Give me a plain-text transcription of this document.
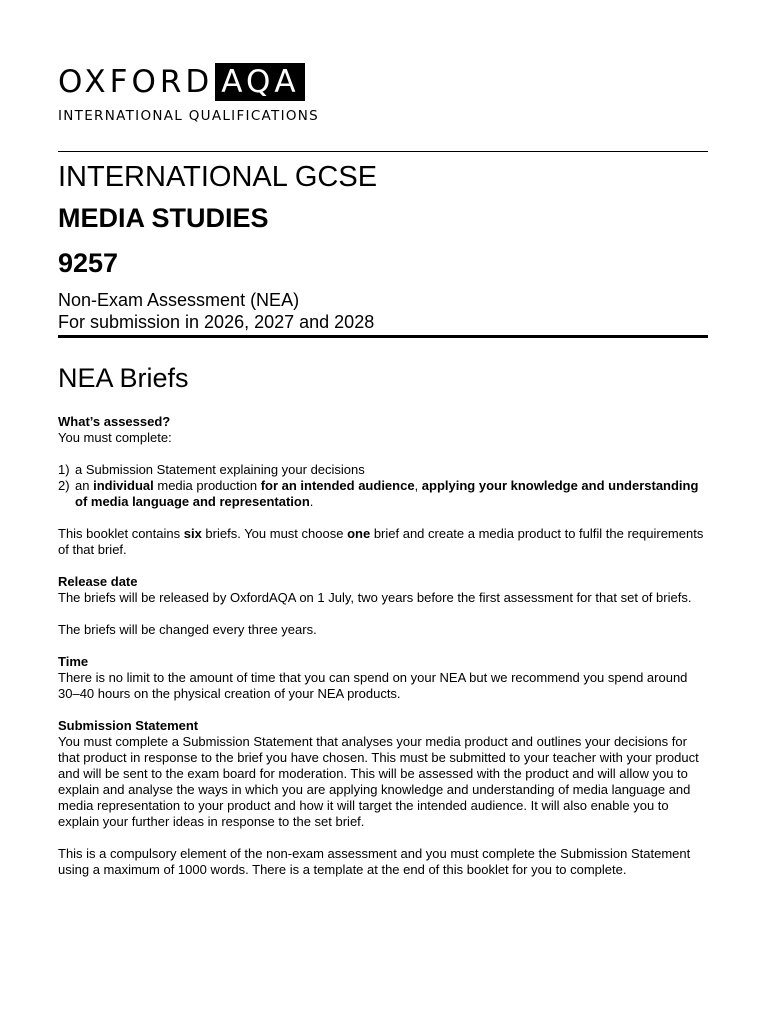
OXFORD AQA
INTERNATIONAL QUALIFICATIONS
INTERNATIONAL GCSE
MEDIA STUDIES
9257
Non-Exam Assessment (NEA)
For submission in 2026, 2027 and 2028
NEA Briefs

What’s assessed?

You must complete:

1) a Submission Statement explaining your decisions
2) an individual media production for an intended audience, applying your knowledge and understanding of media language and representation.

This booklet contains six briefs. You must choose one brief and create a media product to fulfil the requirements of that brief.

Release date

The briefs will be released by OxfordAQA on 1 July, two years before the first assessment for that set of briefs.

The briefs will be changed every three years.

Time

There is no limit to the amount of time that you can spend on your NEA but we recommend you spend around 30–40 hours on the physical creation of your NEA products.

Submission Statement

You must complete a Submission Statement that analyses your media product and outlines your decisions for that product in response to the brief you have chosen. This must be submitted to your teacher with your product and will be sent to the exam board for moderation. This will be assessed with the product and will allow you to explain and analyse the ways in which you are applying knowledge and understanding of media language and media representation to your product and how it will target the intended audience. It will also enable you to explain your further ideas in response to the set brief.

This is a compulsory element of the non-exam assessment and you must complete the Submission Statement using a maximum of 1000 words. There is a template at the end of this booklet for you to complete.
